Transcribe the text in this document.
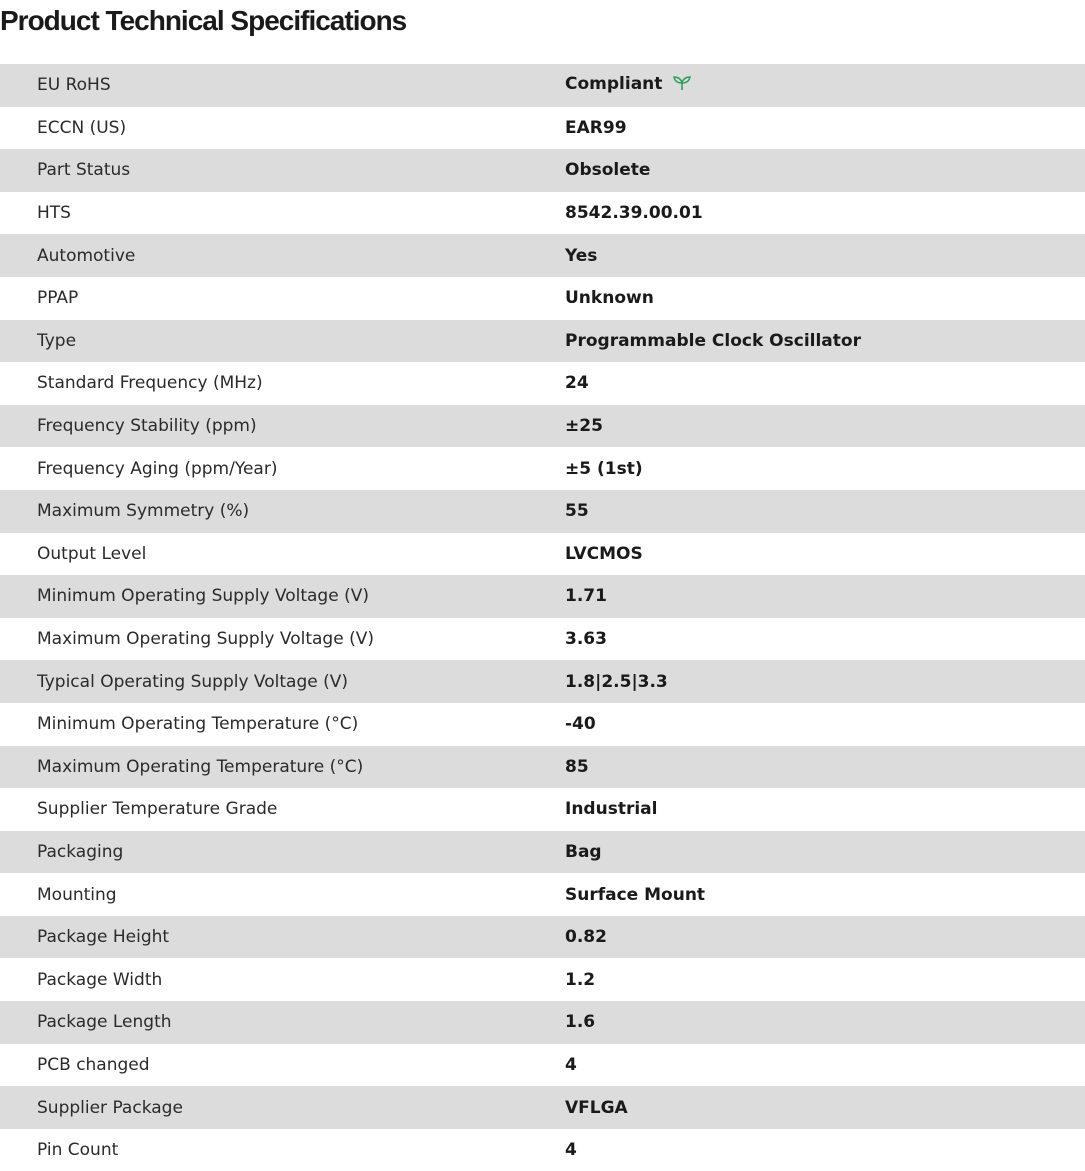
Product Technical Specifications
EU RoHS	Compliant
ECCN (US)	EAR99
Part Status	Obsolete
HTS	8542.39.00.01
Automotive	Yes
PPAP	Unknown
Type	Programmable Clock Oscillator
Standard Frequency (MHz)	24
Frequency Stability (ppm)	±25
Frequency Aging (ppm/Year)	±5 (1st)
Maximum Symmetry (%)	55
Output Level	LVCMOS
Minimum Operating Supply Voltage (V)	1.71
Maximum Operating Supply Voltage (V)	3.63
Typical Operating Supply Voltage (V)	1.8|2.5|3.3
Minimum Operating Temperature (°C)	-40
Maximum Operating Temperature (°C)	85
Supplier Temperature Grade	Industrial
Packaging	Bag
Mounting	Surface Mount
Package Height	0.82
Package Width	1.2
Package Length	1.6
PCB changed	4
Supplier Package	VFLGA
Pin Count	4
